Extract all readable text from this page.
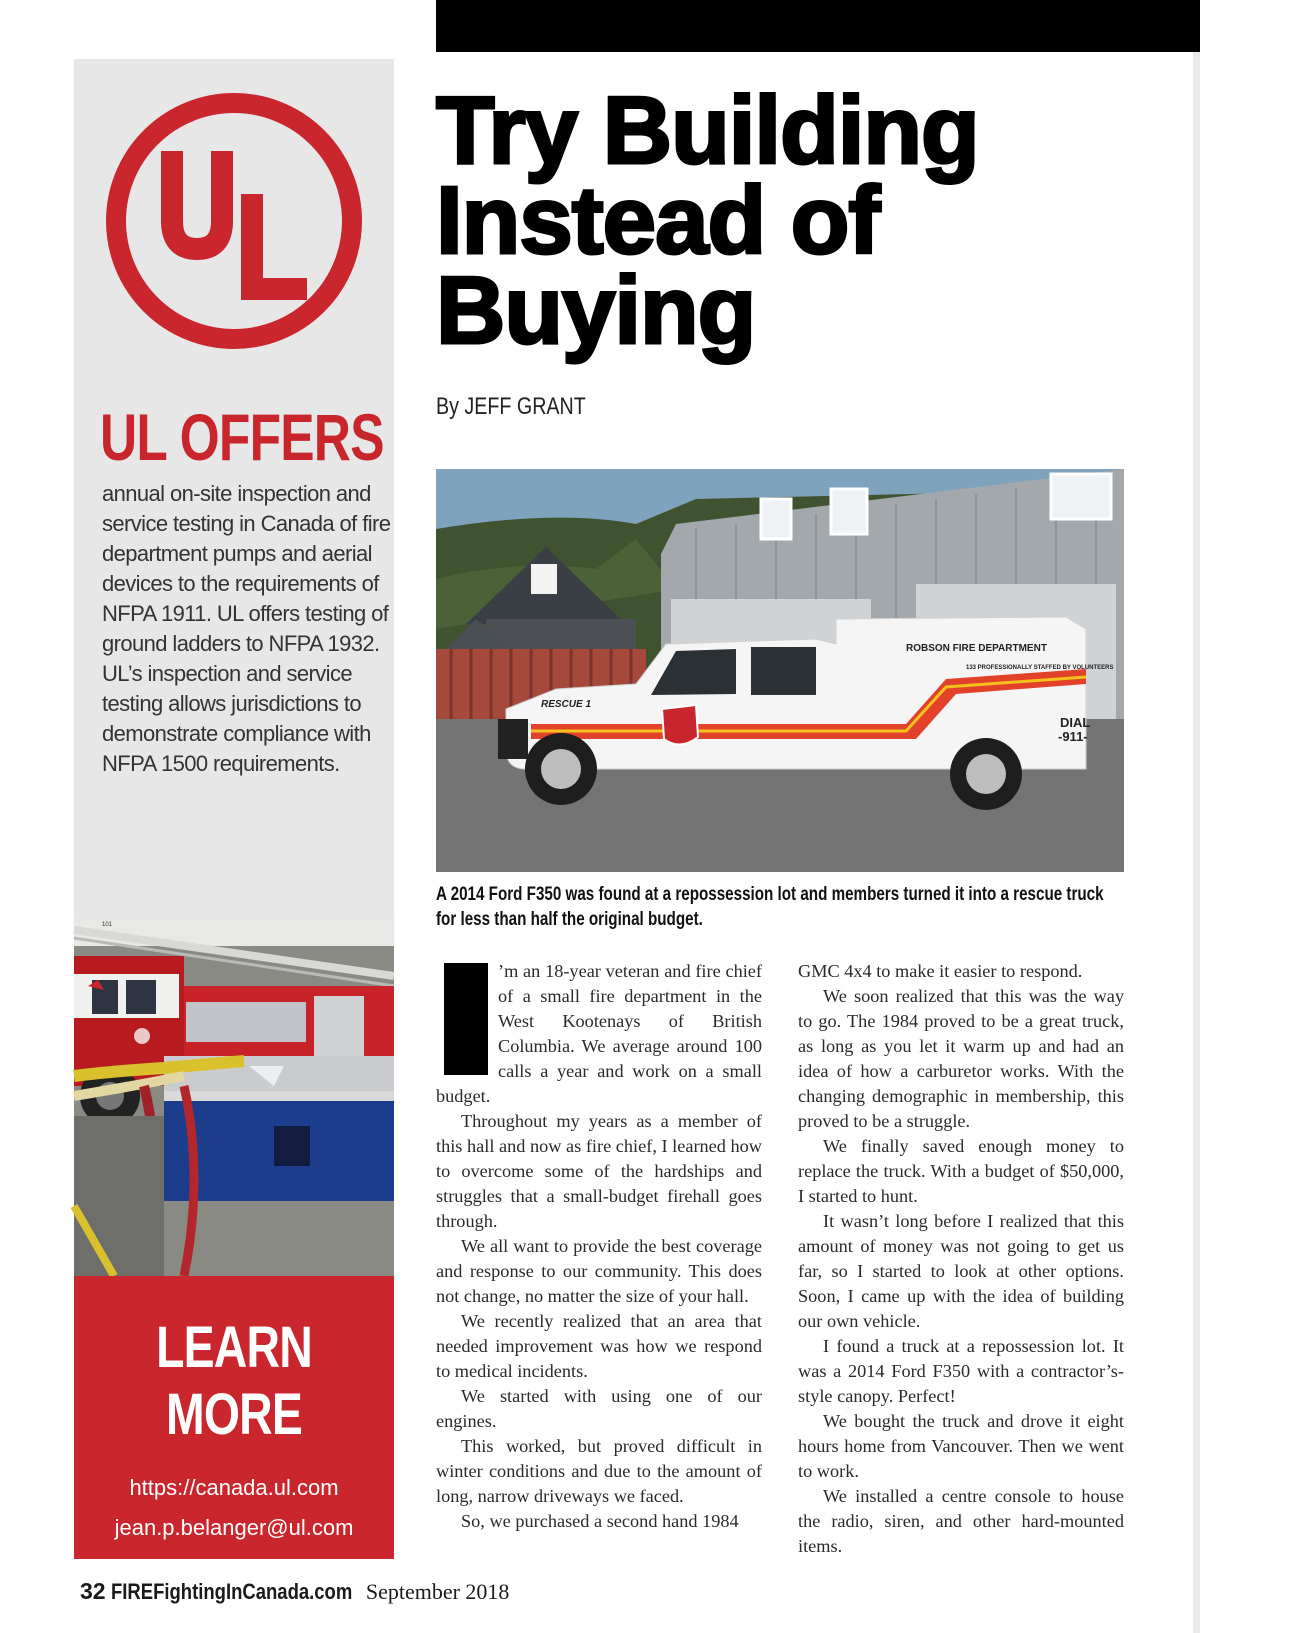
UL OFFERS
annual on-site inspection and service testing in Canada of fire department pumps and aerial devices to the requirements of NFPA 1911. UL offers testing of ground ladders to NFPA 1932. UL’s inspection and service testing allows jurisdictions to demonstrate compliance with NFPA 1500 requirements.
101
LEARN MORE
https://canada.ul.com
jean.p.belanger@ul.com
1.866.937.3852
Try Building Instead of Buying
By JEFF GRANT
ROBSON FIRE DEPARTMENT
133 PROFESSIONALLY STAFFED BY VOLUNTEERS
DIAL
-911-
RESCUE 1
A 2014 Ford F350 was found at a repossession lot and members turned it into a rescue truck for less than half the original budget.

’m an 18-year veteran and fire chief of a small fire department in the West Kootenays of British Columbia. We average around 100 calls a year and work on a small budget.

Throughout my years as a member of this hall and now as fire chief, I learned how to overcome some of the hardships and struggles that a small-budget firehall goes through.

We all want to provide the best coverage and response to our community. This does not change, no matter the size of your hall.

We recently realized that an area that needed improvement was how we respond to medical incidents.

We started with using one of our engines.

This worked, but proved difficult in winter conditions and due to the amount of long, narrow driveways we faced.

So, we purchased a second hand 1984

GMC 4x4 to make it easier to respond.

We soon realized that this was the way to go. The 1984 proved to be a great truck, as long as you let it warm up and had an idea of how a carburetor works. With the changing demographic in membership, this proved to be a struggle.

We finally saved enough money to replace the truck. With a budget of $50,000, I started to hunt.

It wasn’t long before I realized that this amount of money was not going to get us far, so I started to look at other options. Soon, I came up with the idea of building our own vehicle.

I found a truck at a repossession lot. It was a 2014 Ford F350 with a contractor’s-style canopy. Perfect!

We bought the truck and drove it eight hours home from Vancouver. Then we went to work.

We installed a centre console to house the radio, siren, and other hard-mounted items.

32 FIREFightingInCanada.com September 2018
